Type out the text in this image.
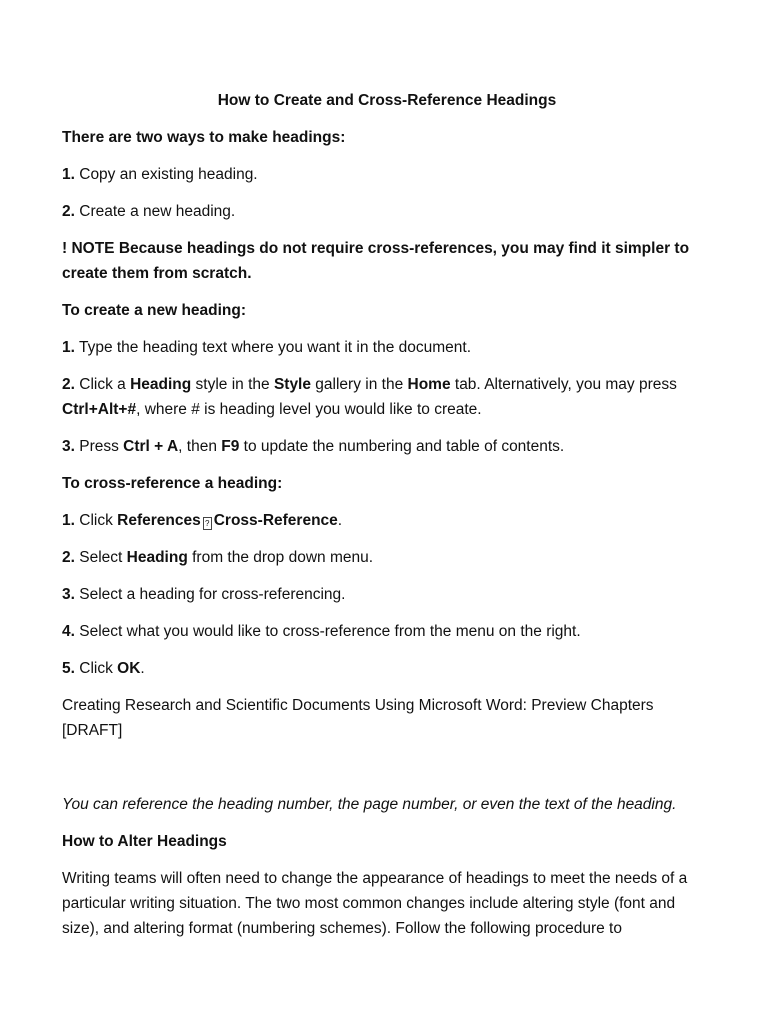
How to Create and Cross-Reference Headings

There are two ways to make headings:

1. Copy an existing heading.

2. Create a new heading.

! NOTE Because headings do not require cross-references, you may find it simpler to create them from scratch.

To create a new heading:

1. Type the heading text where you want it in the document.

2. Click a Heading style in the Style gallery in the Home tab. Alternatively, you may press Ctrl+Alt+#, where # is heading level you would like to create.

3. Press Ctrl + A, then F9 to update the numbering and table of contents.

To cross-reference a heading:

1. Click References ? Cross-Reference.

2. Select Heading from the drop down menu.

3. Select a heading for cross-referencing.

4. Select what you would like to cross-reference from the menu on the right.

5. Click OK.

Creating Research and Scientific Documents Using Microsoft Word: Preview Chapters [DRAFT]

You can reference the heading number, the page number, or even the text of the heading.

How to Alter Headings

Writing teams will often need to change the appearance of headings to meet the needs of a particular writing situation. The two most common changes include altering style (font and size), and altering format (numbering schemes). Follow the following procedure to
